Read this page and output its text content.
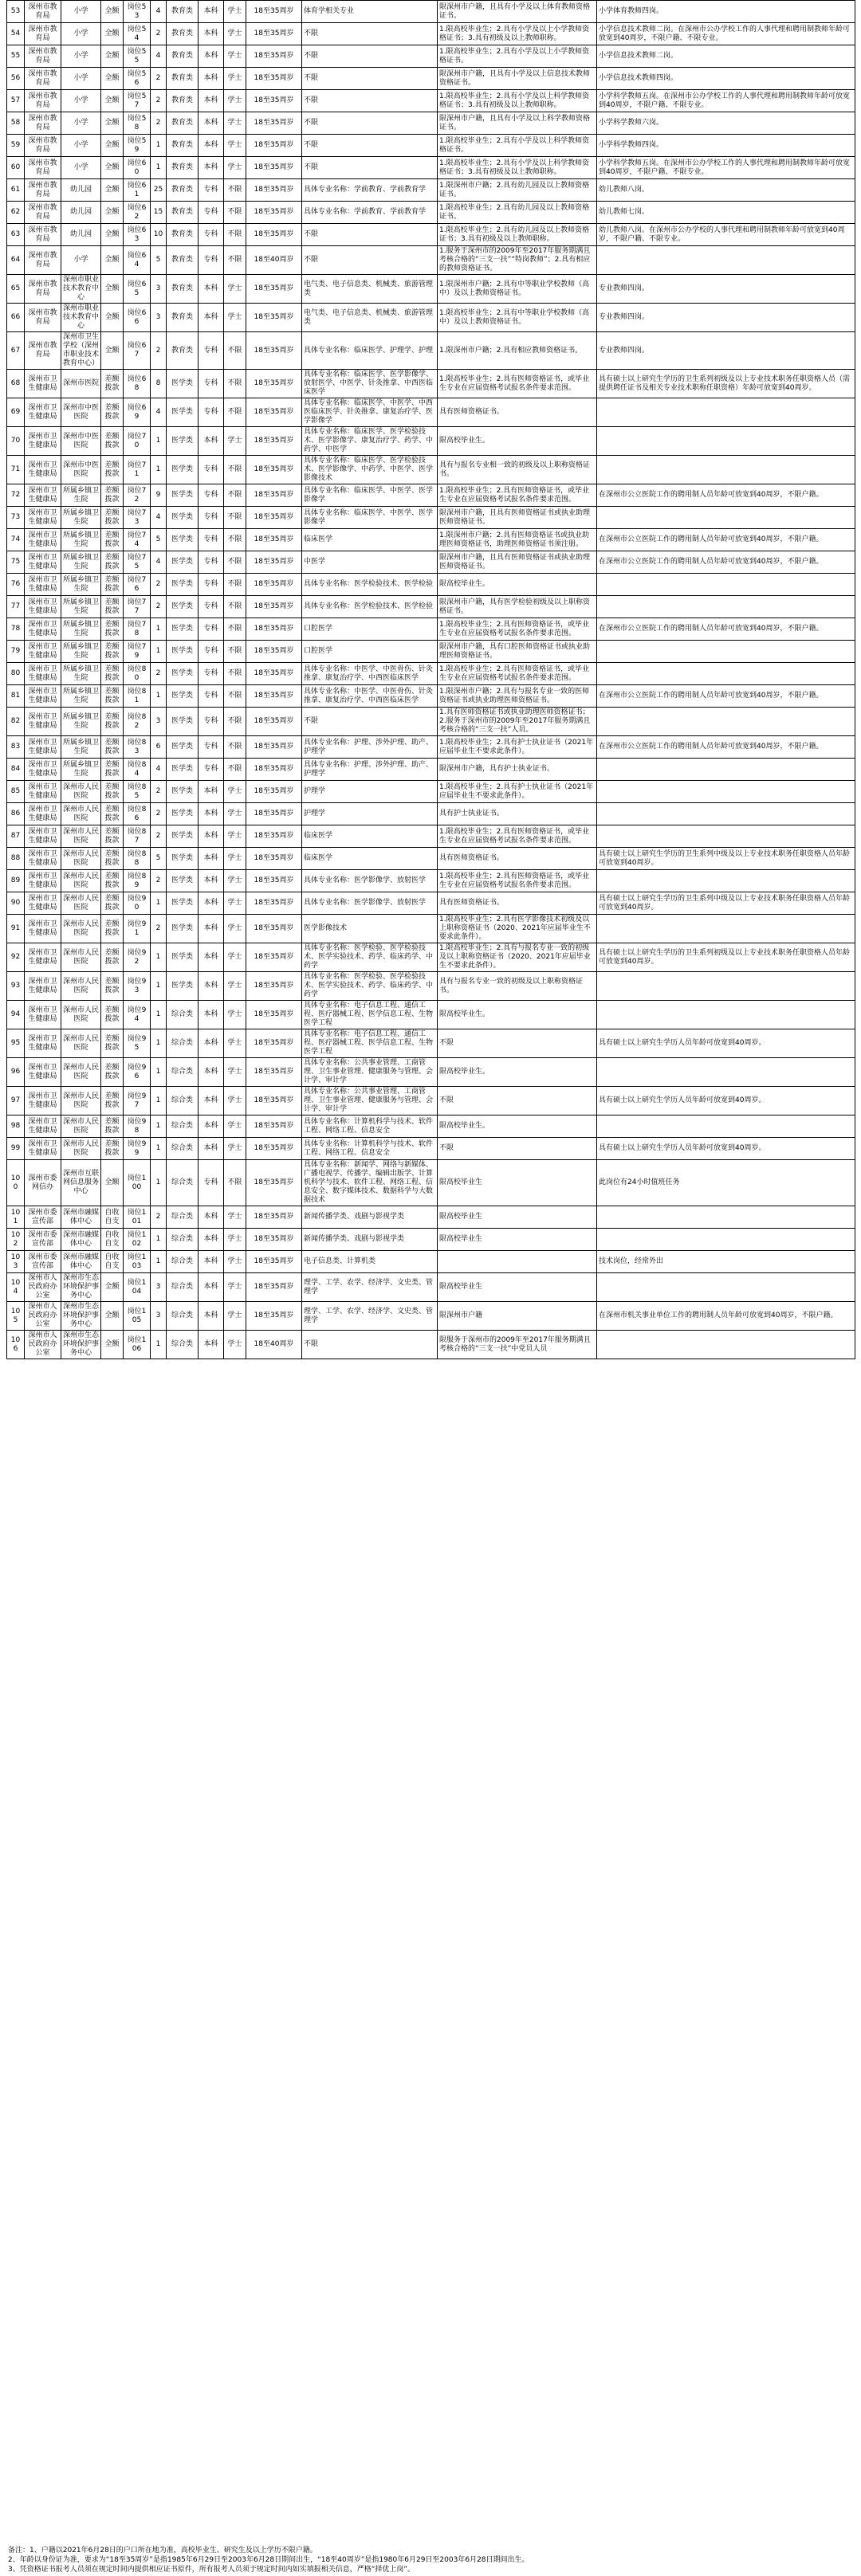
53	深州市教育局	小学	全额	岗位53	4	教育类	本科	学士	18至35周岁	体育学相关专业	限深州市户籍，且具有小学及以上体育教师资格证书。	小学体育教师四岗。
54	深州市教育局	小学	全额	岗位54	2	教育类	本科	学士	18至35周岁	不限	1.限高校毕业生；2.具有小学及以上小学教师资格证书；3.具有初级及以上教师职称。	小学信息技术教师二岗。在深州市公办学校工作的人事代理和聘用制教师年龄可放宽到40周岁，不限户籍、不限专业。
55	深州市教育局	小学	全额	岗位55	4	教育类	本科	学士	18至35周岁	不限	1.限高校毕业生；2.具有小学及以上小学教师资格证书。	小学信息技术教师二岗。
56	深州市教育局	小学	全额	岗位56	2	教育类	本科	学士	18至35周岁	不限	限深州市户籍，且具有小学及以上信息技术教师资格证书。	小学信息技术教师四岗。
57	深州市教育局	小学	全额	岗位57	2	教育类	本科	学士	18至35周岁	不限	1.限高校毕业生；2.具有小学及以上科学教师资格证书；3.具有初级及以上教师职称。	小学科学教师五岗。在深州市公办学校工作的人事代理和聘用制教师年龄可放宽到40周岁，不限户籍、不限专业。
58	深州市教育局	小学	全额	岗位58	2	教育类	本科	学士	18至35周岁	不限	限深州市户籍，且具有小学及以上科学教师资格证书。	小学科学教师六岗。
59	深州市教育局	小学	全额	岗位59	1	教育类	本科	学士	18至35周岁	不限	1.限高校毕业生；2.具有小学及以上科学教师资格证书。	小学科学教师四岗。
60	深州市教育局	小学	全额	岗位60	1	教育类	本科	学士	18至35周岁	不限	1.限高校毕业生；2.具有小学及以上科学教师资格证书；3.具有初级及以上教师职称。	小学科学教师五岗。在深州市公办学校工作的人事代理和聘用制教师年龄可放宽到40周岁，不限户籍、不限专业。
61	深州市教育局	幼儿园	全额	岗位61	25	教育类	专科	不限	18至35周岁	具体专业名称：学前教育、学前教育学	1.限深州市户籍；2.具有幼儿园及以上教师资格证书。	幼儿教师八岗。
62	深州市教育局	幼儿园	全额	岗位62	15	教育类	专科	不限	18至35周岁	具体专业名称：学前教育、学前教育学	1.限高校毕业生；2.具有幼儿园及以上教师资格证书。	幼儿教师七岗。
63	深州市教育局	幼儿园	全额	岗位63	10	教育类	专科	不限	18至35周岁	不限	1.限高校毕业生；2.具有幼儿园及以上教师资格证书；3.具有初级及以上教师职称。	幼儿教师八岗。在深州市公办学校的人事代理和聘用制教师年龄可放宽到40周岁，不限户籍、不限专业。
64	深州市教育局	小学	全额	岗位64	5	教育类	专科	不限	18至40周岁	不限	1.服务于深州市的2009年至2017年服务期满且考核合格的“三支一扶”“特岗教师”；2.具有相应的教师资格证书。	
65	深州市教育局	深州市职业技术教育中心	全额	岗位65	3	教育类	本科	学士	18至35周岁	电气类、电子信息类、机械类、旅游管理类	1.限深州市户籍；2.具有中等职业学校教师（高中）及以上教师资格证书。	专业教师四岗。
66	深州市教育局	深州市职业技术教育中心	全额	岗位66	3	教育类	本科	学士	18至35周岁	电气类、电子信息类、机械类、旅游管理类	1.限高校毕业生；2.具有中等职业学校教师（高中）及以上教师资格证书。	专业教师四岗。
67	深州市教育局	深州市卫生学校（深州市职业技术教育中心）	全额	岗位67	2	教育类	专科	不限	18至35周岁	具体专业名称：临床医学、护理学、护理	1.限深州市户籍；2.具有相应教师资格证书。	专业教师四岗。
68	深州市卫生健康局	深州市医院	差额拨款	岗位68	8	医学类	专科	不限	18至35周岁	具体专业名称：临床医学、医学影像学、放射医学、中医学、针灸推拿、中西医临床医学	1.限高校毕业生；2.具有医师资格证书，或毕业生专业在应届资格考试报名条件要求范围。	具有硕士以上研究生学历的卫生系列初级及以上专业技术职务任职资格人员（需提供聘任证书及相关专业技术职称任职资格）年龄可放宽到40周岁。
69	深州市卫生健康局	深州市中医医院	差额拨款	岗位69	4	医学类	专科	不限	18至35周岁	具体专业名称：临床医学、中医学、中西医临床医学、针灸推拿、康复治疗学、医学影像学	具有医师资格证书。	
70	深州市卫生健康局	深州市中医医院	差额拨款	岗位70	1	医学类	本科	学士	18至35周岁	具体专业名称：临床医学、医学检验技术、医学影像学、康复治疗学、药学、中药学、中医学	限高校毕业生。	
71	深州市卫生健康局	深州市中医医院	差额拨款	岗位71	1	医学类	专科	不限	18至35周岁	具体专业名称：临床医学、医学检验技术、医学影像学、中药学、中医学、医学影像技术	具有与报名专业相一致的初级及以上职称资格证书。	
72	深州市卫生健康局	所属乡镇卫生院	差额拨款	岗位72	9	医学类	专科	不限	18至35周岁	具体专业名称：临床医学、中医学、医学影像学	1.限高校毕业生；2.具有医师资格证书，或毕业生专业在应届资格考试报名条件要求范围。	在深州市公立医院工作的聘用制人员年龄可放宽到40周岁，不限户籍。
73	深州市卫生健康局	所属乡镇卫生院	差额拨款	岗位73	4	医学类	专科	不限	18至35周岁	具体专业名称：临床医学、中医学、医学影像学	限深州市户籍，且具有医师资格证书或执业助理医师资格证书。	
74	深州市卫生健康局	所属乡镇卫生院	差额拨款	岗位74	5	医学类	专科	不限	18至35周岁	临床医学	1.限深州市户籍；2.具有医师资格证书或执业助理医师资格证书，助理医师资格证书须注册。	在深州市公立医院工作的聘用制人员年龄可放宽到40周岁，不限户籍。
75	深州市卫生健康局	所属乡镇卫生院	差额拨款	岗位75	4	医学类	专科	不限	18至35周岁	中医学	限深州市户籍，且具有医师资格证书或执业助理医师资格证书。	在深州市公立医院工作的聘用制人员年龄可放宽到40周岁，不限户籍。
76	深州市卫生健康局	所属乡镇卫生院	差额拨款	岗位76	2	医学类	专科	不限	18至35周岁	具体专业名称：医学检验技术、医学检验	限高校毕业生。	
77	深州市卫生健康局	所属乡镇卫生院	差额拨款	岗位77	2	医学类	专科	不限	18至35周岁	具体专业名称：医学检验技术、医学检验	限深州市户籍，具有医学检验初级及以上职称资格证书。	
78	深州市卫生健康局	所属乡镇卫生院	差额拨款	岗位78	1	医学类	专科	不限	18至35周岁	口腔医学	1.限高校毕业生；2.具有医师资格证书，或毕业生专业在应届资格考试报名条件要求范围。	在深州市公立医院工作的聘用制人员年龄可放宽到40周岁，不限户籍。
79	深州市卫生健康局	所属乡镇卫生院	差额拨款	岗位79	1	医学类	专科	不限	18至35周岁	口腔医学	限深州市户籍，具有口腔医师资格证书或执业助理医师资格证书。	
80	深州市卫生健康局	所属乡镇卫生院	差额拨款	岗位80	2	医学类	专科	不限	18至35周岁	具体专业名称：中医学、中医骨伤、针灸推拿、康复治疗学、中西医临床医学	1.限高校毕业生；2.具有医师资格证书，或毕业生专业在应届资格考试报名条件要求范围。	
81	深州市卫生健康局	所属乡镇卫生院	差额拨款	岗位81	1	医学类	专科	不限	18至35周岁	具体专业名称：中医学、中医骨伤、针灸推拿、康复治疗学、中西医临床医学	1.限深州市户籍；2.具有与报名专业一致的医师资格证书或执业助理医师资格证书。	在深州市公立医院工作的聘用制人员年龄可放宽到40周岁，不限户籍。
82	深州市卫生健康局	所属乡镇卫生院	差额拨款	岗位82	3	医学类	专科	不限	18至35周岁	不限	1.具有医师资格证书或执业助理医师资格证书；2.服务于深州市的2009年至2017年服务期满且考核合格的“三支一扶”人员。	
83	深州市卫生健康局	所属乡镇卫生院	差额拨款	岗位83	6	医学类	专科	不限	18至35周岁	具体专业名称：护理、涉外护理、助产、护理学	1.限高校毕业生；2.具有护士执业证书（2021年应届毕业生不要求此条件）。	在深州市公立医院工作的聘用制人员年龄可放宽到40周岁，不限户籍。
84	深州市卫生健康局	所属乡镇卫生院	差额拨款	岗位84	4	医学类	专科	不限	18至35周岁	具体专业名称：护理、涉外护理、助产、护理学	限深州市户籍，具有护士执业证书。	
85	深州市卫生健康局	深州市人民医院	差额拨款	岗位85	2	医学类	本科	学士	18至35周岁	护理学	1.限高校毕业生；2.具有护士执业证书（2021年应届毕业生不要求此条件）。	
86	深州市卫生健康局	深州市人民医院	差额拨款	岗位86	2	医学类	本科	学士	18至35周岁	护理学	具有护士执业证书。	
87	深州市卫生健康局	深州市人民医院	差额拨款	岗位87	2	医学类	本科	学士	18至35周岁	临床医学	1.限高校毕业生；2.具有医师资格证书，或毕业生专业在应届资格考试报名条件要求范围。	
88	深州市卫生健康局	深州市人民医院	差额拨款	岗位88	5	医学类	本科	学士	18至35周岁	临床医学	具有医师资格证书。	具有硕士以上研究生学历的卫生系列中级及以上专业技术职务任职资格人员年龄可放宽到40周岁。
89	深州市卫生健康局	深州市人民医院	差额拨款	岗位89	2	医学类	本科	学士	18至35周岁	具体专业名称：医学影像学、放射医学	1.限高校毕业生；2.具有医师资格证书，或毕业生专业在应届资格考试报名条件要求范围。	
90	深州市卫生健康局	深州市人民医院	差额拨款	岗位90	1	医学类	本科	学士	18至35周岁	具体专业名称：医学影像学、放射医学	具有医师资格证书。	具有硕士以上研究生学历的卫生系列中级及以上专业技术职务任职资格人员年龄可放宽到40周岁。
91	深州市卫生健康局	深州市人民医院	差额拨款	岗位91	2	医学类	本科	学士	18至35周岁	医学影像技术	1.限高校毕业生；2.具有医学影像技术初级及以上职称资格证书（2020、2021年应届毕业生不要求此条件）。	
92	深州市卫生健康局	深州市人民医院	差额拨款	岗位92	1	医学类	本科	学士	18至35周岁	具体专业名称：医学检验、医学检验技术、医学实验技术、药学、临床药学、中药学	1.限高校毕业生；2.具有与报名专业一致的初级及以上职称资格证书（2020、2021年应届毕业生不要求此条件）。	具有硕士以上研究生学历的卫生系列初级及以上专业技术职务任职资格人员年龄可放宽到40周岁。
93	深州市卫生健康局	深州市人民医院	差额拨款	岗位93	1	医学类	本科	学士	18至35周岁	具体专业名称：医学检验、医学检验技术、医学实验技术、药学、临床药学、中药学	具有与报名专业一致的初级及以上职称资格证书。	
94	深州市卫生健康局	深州市人民医院	差额拨款	岗位94	1	综合类	本科	学士	18至35周岁	具体专业名称：电子信息工程、通信工程、医疗器械工程、医学信息工程、生物医学工程	限高校毕业生。	
95	深州市卫生健康局	深州市人民医院	差额拨款	岗位95	1	综合类	本科	学士	18至35周岁	具体专业名称：电子信息工程、通信工程、医疗器械工程、医学信息工程、生物医学工程	不限	具有硕士以上研究生学历人员年龄可放宽到40周岁。
96	深州市卫生健康局	深州市人民医院	差额拨款	岗位96	1	综合类	本科	学士	18至35周岁	具体专业名称：公共事业管理、工商管理、卫生事业管理、健康服务与管理、会计学、审计学	限高校毕业生。	
97	深州市卫生健康局	深州市人民医院	差额拨款	岗位97	1	综合类	本科	学士	18至35周岁	具体专业名称：公共事业管理、工商管理、卫生事业管理、健康服务与管理、会计学、审计学	不限	具有硕士以上研究生学历人员年龄可放宽到40周岁。
98	深州市卫生健康局	深州市人民医院	差额拨款	岗位98	1	综合类	本科	学士	18至35周岁	具体专业名称：计算机科学与技术、软件工程、网络工程、信息安全	限高校毕业生。	
99	深州市卫生健康局	深州市人民医院	差额拨款	岗位99	1	综合类	本科	学士	18至35周岁	具体专业名称：计算机科学与技术、软件工程、网络工程、信息安全	不限	具有硕士以上研究生学历人员年龄可放宽到40周岁。
100	深州市委网信办	深州市互联网信息服务中心	全额	岗位100	1	综合类	专科	不限	18至35周岁	具体专业名称：新闻学、网络与新媒体、广播电视学、传播学、编辑出版学、计算机科学与技术、软件工程、网络工程、信息安全、数字媒体技术、数据科学与大数据技术	限高校毕业生	此岗位有24小时值班任务
101	深州市委宣传部	深州市融媒体中心	自收自支	岗位101	2	综合类	本科	学士	18至35周岁	新闻传播学类、戏剧与影视学类	限高校毕业生	
102	深州市委宣传部	深州市融媒体中心	自收自支	岗位102	1	综合类	本科	学士	18至35周岁	新闻传播学类、戏剧与影视学类	限高校毕业生	
103	深州市委宣传部	深州市融媒体中心	自收自支	岗位103	1	综合类	本科	学士	18至35周岁	电子信息类、计算机类		技术岗位，经常外出
104	深州市人民政府办公室	深州市生态环境保护事务中心	全额	岗位104	3	综合类	本科	学士	18至35周岁	理学、工学、农学、经济学、文史类、管理学	限高校毕业生	
105	深州市人民政府办公室	深州市生态环境保护事务中心	全额	岗位105	3	综合类	本科	学士	18至35周岁	理学、工学、农学、经济学、文史类、管理学	限深州市户籍	在深州市机关事业单位工作的聘用制人员年龄可放宽到40周岁，不限户籍。
106	深州市人民政府办公室	深州市生态环境保护事务中心	全额	岗位106	1	综合类	本科	学士	18至40周岁	不限	限服务于深州市的2009年至2017年服务期满且考核合格的“三支一扶”中党员人员	
备注：1、户籍以2021年6月28日的户口所在地为准，高校毕业生、研究生及以上学历不限户籍。
2、年龄以身份证为准，要求为“18至35周岁”是指1985年6月29日至2003年6月28日期间出生，“18至40周岁”是指1980年6月29日至2003年6月28日期间出生。
3、凭资格证书报考人员须在规定时间内提供相应证书原件，所有报考人员须于规定时间内如实填报相关信息，严格“择优上岗”。
